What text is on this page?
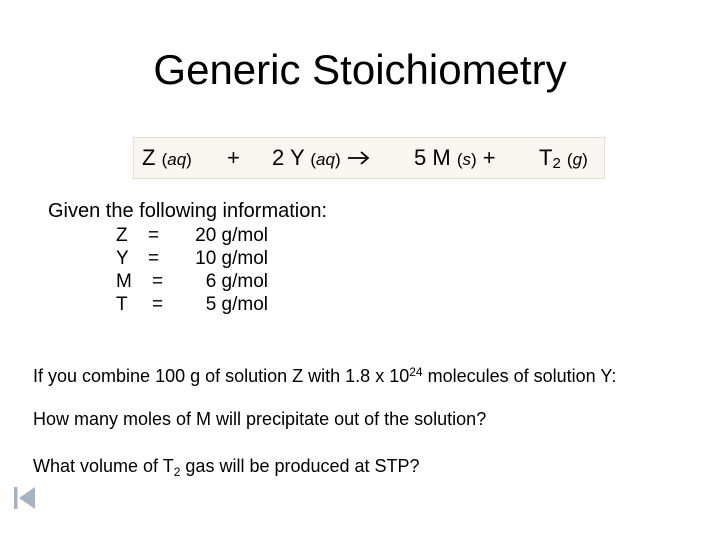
Generic Stoichiometry
Z (aq) + 2 Y (aq)	5 M $(s) + T_2$ (g)
Given the following information:
Z = 20 g/mol
Y = 10 g/mol
M = 6 g/mol
T = 5 g/mol
If you combine 100 g of solution Z with 1.8 x $10^{24}$ molecules of solution Y:
How many moles of M will precipitate out of the solution?
What volume of $T_2$ gas will be produced at STP?
